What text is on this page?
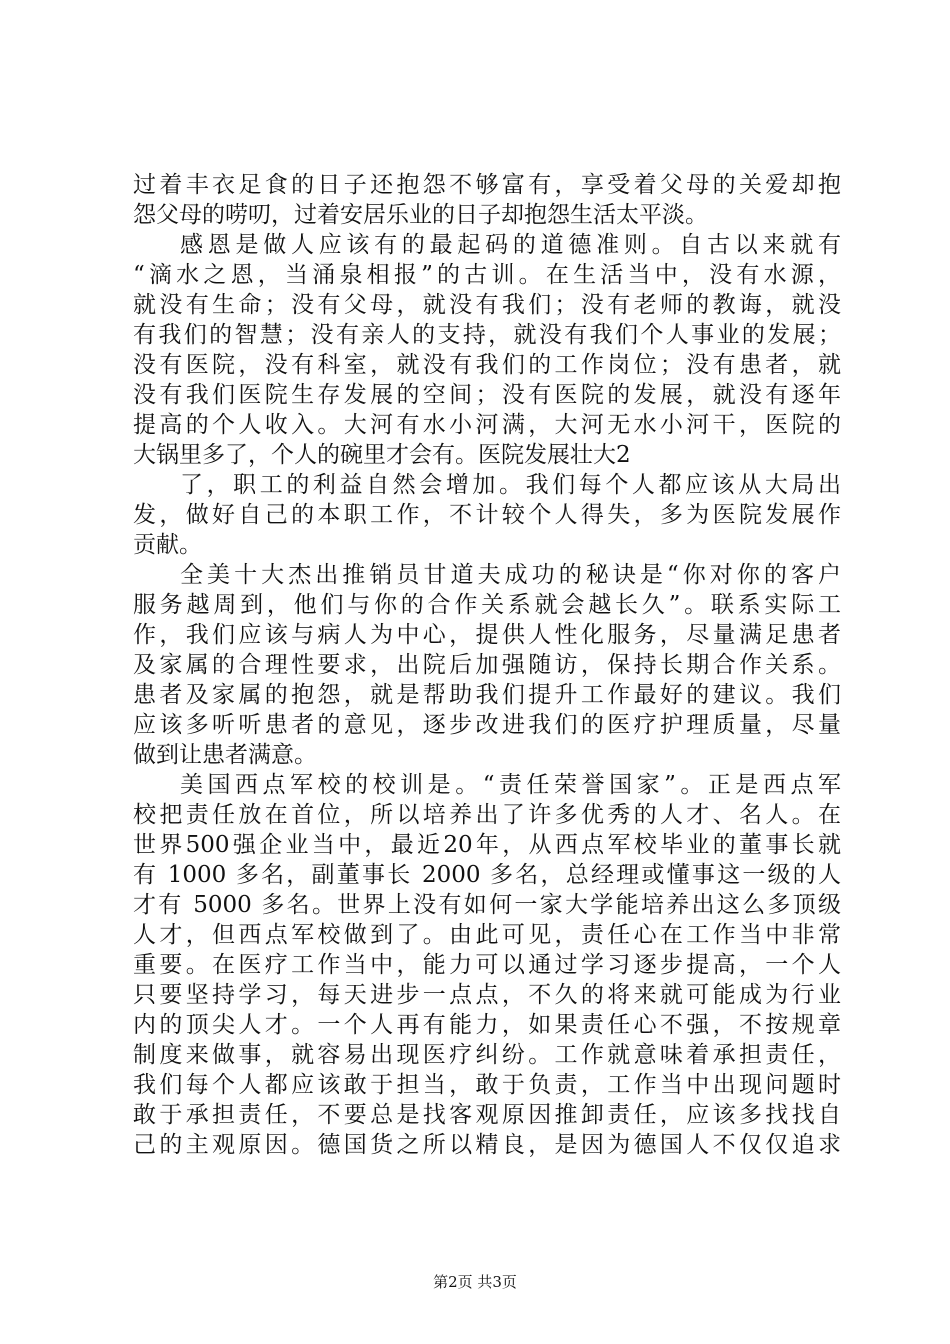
过着丰衣足食的日子还抱怨不够富有，享受着父母的关爱却抱
怨父母的唠叨，过着安居乐业的日子却抱怨生活太平淡。
感恩是做人应该有的最起码的道德准则。自古以来就有
“滴水之恩，当涌泉相报”的古训。在生活当中，没有水源，
就没有生命；没有父母，就没有我们；没有老师的教诲，就没
有我们的智慧；没有亲人的支持，就没有我们个人事业的发展；
没有医院，没有科室，就没有我们的工作岗位；没有患者，就
没有我们医院生存发展的空间；没有医院的发展，就没有逐年
提高的个人收入。大河有水小河满，大河无水小河干，医院的
大锅里多了，个人的碗里才会有。医院发展壮大2
了，职工的利益自然会增加。我们每个人都应该从大局出
发，做好自己的本职工作，不计较个人得失，多为医院发展作
贡献。
全美十大杰出推销员甘道夫成功的秘诀是“你对你的客户
服务越周到，他们与你的合作关系就会越长久”。联系实际工
作，我们应该与病人为中心，提供人性化服务，尽量满足患者
及家属的合理性要求，出院后加强随访，保持长期合作关系。
患者及家属的抱怨，就是帮助我们提升工作最好的建议。我们
应该多听听患者的意见，逐步改进我们的医疗护理质量，尽量
做到让患者满意。
美国西点军校的校训是。“责任荣誉国家”。正是西点军
校把责任放在首位，所以培养出了许多优秀的人才、名人。在
世界500强企业当中，最近20年，从西点军校毕业的董事长就
有 1000 多名，副董事长 2000 多名，总经理或懂事这一级的人
才有 5000 多名。世界上没有如何一家大学能培养出这么多顶级
人才，但西点军校做到了。由此可见，责任心在工作当中非常
重要。在医疗工作当中，能力可以通过学习逐步提高，一个人
只要坚持学习，每天进步一点点，不久的将来就可能成为行业
内的顶尖人才。一个人再有能力，如果责任心不强，不按规章
制度来做事，就容易出现医疗纠纷。工作就意味着承担责任，
我们每个人都应该敢于担当，敢于负责，工作当中出现问题时
敢于承担责任，不要总是找客观原因推卸责任，应该多找找自
己的主观原因。德国货之所以精良，是因为德国人不仅仅追求
第2页 共3页
